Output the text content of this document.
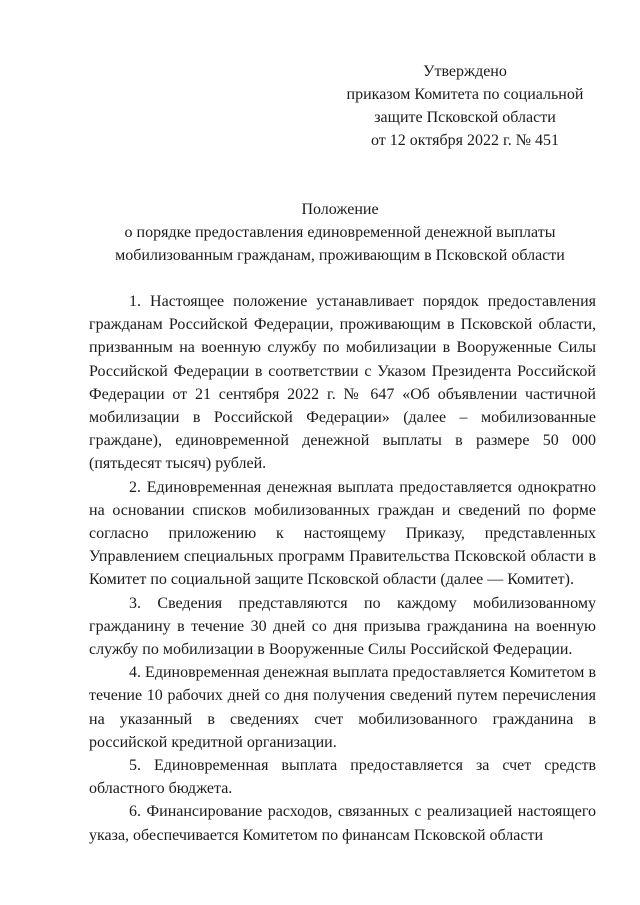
Утверждено
приказом Комитета по социальной
защите Псковской области
от 12 октября 2022 г. № 451
Положение
о порядке предоставления единовременной денежной выплаты
мобилизованным гражданам, проживающим в Псковской области

1. Настоящее положение устанавливает порядок предоставления гражданам Российской Федерации, проживающим в Псковской области, призванным на военную службу по мобилизации в Вооруженные Силы Российской Федерации в соответствии с Указом Президента Российской Федерации от 21 сентября 2022 г. № 647 «Об объявлении частичной мобилизации в Российской Федерации» (далее – мобилизованные граждане), единовременной денежной выплаты в размере 50 000 (пятьдесят тысяч) рублей.

2. Единовременная денежная выплата предоставляется однократно на основании списков мобилизованных граждан и сведений по форме согласно приложению к настоящему Приказу, представленных Управлением специальных программ Правительства Псковской области в Комитет по социальной защите Псковской области (далее — Комитет).

3. Сведения представляются по каждому мобилизованному гражданину в течение 30 дней со дня призыва гражданина на военную службу по мобилизации в Вооруженные Силы Российской Федерации.

4. Единовременная денежная выплата предоставляется Комитетом в течение 10 рабочих дней со дня получения сведений путем перечисления на указанный в сведениях счет мобилизованного гражданина в российской кредитной организации.

5. Единовременная выплата предоставляется за счет средств областного бюджета.

6. Финансирование расходов, связанных с реализацией настоящего указа, обеспечивается Комитетом по финансам Псковской области
